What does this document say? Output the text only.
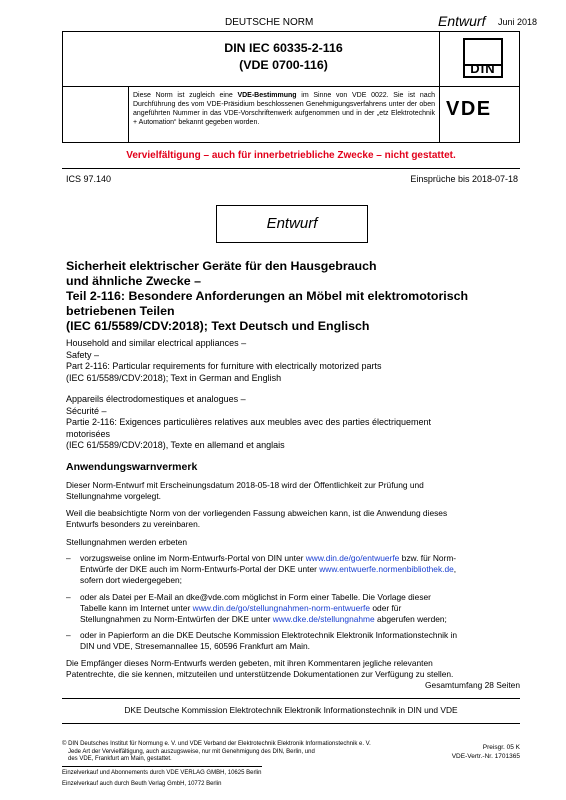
DEUTSCHE NORM	Entwurf Juni 2018
DIN IEC 60335-2-116
(VDE 0700-116)	DIN
VDE
Diese Norm ist zugleich eine VDE-Bestimmung im Sinne von VDE 0022. Sie ist nach Durchführung des vom VDE-Präsidium beschlossenen Genehmigungsverfahrens unter der oben angeführten Nummer in das VDE-Vorschriftenwerk aufgenommen und in der „etz Elektrotechnik + Automation“ bekannt gegeben worden.
Vervielfältigung – auch für innerbetriebliche Zwecke – nicht gestattet.
ICS 97.140	Einsprüche bis 2018-07-18
Entwurf
Sicherheit elektrischer Geräte für den Hausgebrauch
und ähnliche Zwecke –
Teil 2-116: Besondere Anforderungen an Möbel mit elektromotorisch
betriebenen Teilen
(IEC 61/5589/CDV:2018); Text Deutsch und Englisch
Household and similar electrical appliances –
Safety –
Part 2-116: Particular requirements for furniture with electrically motorized parts
(IEC 61/5589/CDV:2018); Text in German and English
Appareils électrodomestiques et analogues –
Sécurité –
Partie 2-116: Exigences particulières relatives aux meubles avec des parties électriquement
motorisées
(IEC 61/5589/CDV:2018), Texte en allemand et anglais
Anwendungswarnvermerk
Dieser Norm-Entwurf mit Erscheinungsdatum 2018-05-18 wird der Öffentlichkeit zur Prüfung und
Stellungnahme vorgelegt.
Weil die beabsichtigte Norm von der vorliegenden Fassung abweichen kann, ist die Anwendung dieses
Entwurfs besonders zu vereinbaren.
Stellungnahmen werden erbeten
– vorzugsweise online im Norm-Entwurfs-Portal von DIN unter www.din.de/go/entwuerfe bzw. für Norm-
Entwürfe der DKE auch im Norm-Entwurfs-Portal der DKE unter www.entwuerfe.normenbibliothek.de,
sofern dort wiedergegeben;
– oder als Datei per E-Mail an dke@vde.com möglichst in Form einer Tabelle. Die Vorlage dieser
Tabelle kann im Internet unter www.din.de/go/stellungnahmen-norm-entwuerfe oder für
Stellungnahmen zu Norm-Entwürfen der DKE unter www.dke.de/stellungnahme abgerufen werden;
– oder in Papierform an die DKE Deutsche Kommission Elektrotechnik Elektronik Informationstechnik in
DIN und VDE, Stresemannallee 15, 60596 Frankfurt am Main.
Die Empfänger dieses Norm-Entwurfs werden gebeten, mit ihren Kommentaren jegliche relevanten
Patentrechte, die sie kennen, mitzuteilen und unterstützende Dokumentationen zur Verfügung zu stellen.
Gesamtumfang 28 Seiten
DKE Deutsche Kommission Elektrotechnik Elektronik Informationstechnik in DIN und VDE
© DIN Deutsches Institut für Normung e. V. und VDE Verband der Elektrotechnik Elektronik Informationstechnik e. V.
Jede Art der Vervielfältigung, auch auszugsweise, nur mit Genehmigung des DIN, Berlin, und
des VDE, Frankfurt am Main, gestattet.
Einzelverkauf und Abonnements durch VDE VERLAG GMBH, 10625 Berlin
Einzelverkauf auch durch Beuth Verlag GmbH, 10772 Berlin
Preisgr. 05 K
VDE-Vertr.-Nr. 1701365
